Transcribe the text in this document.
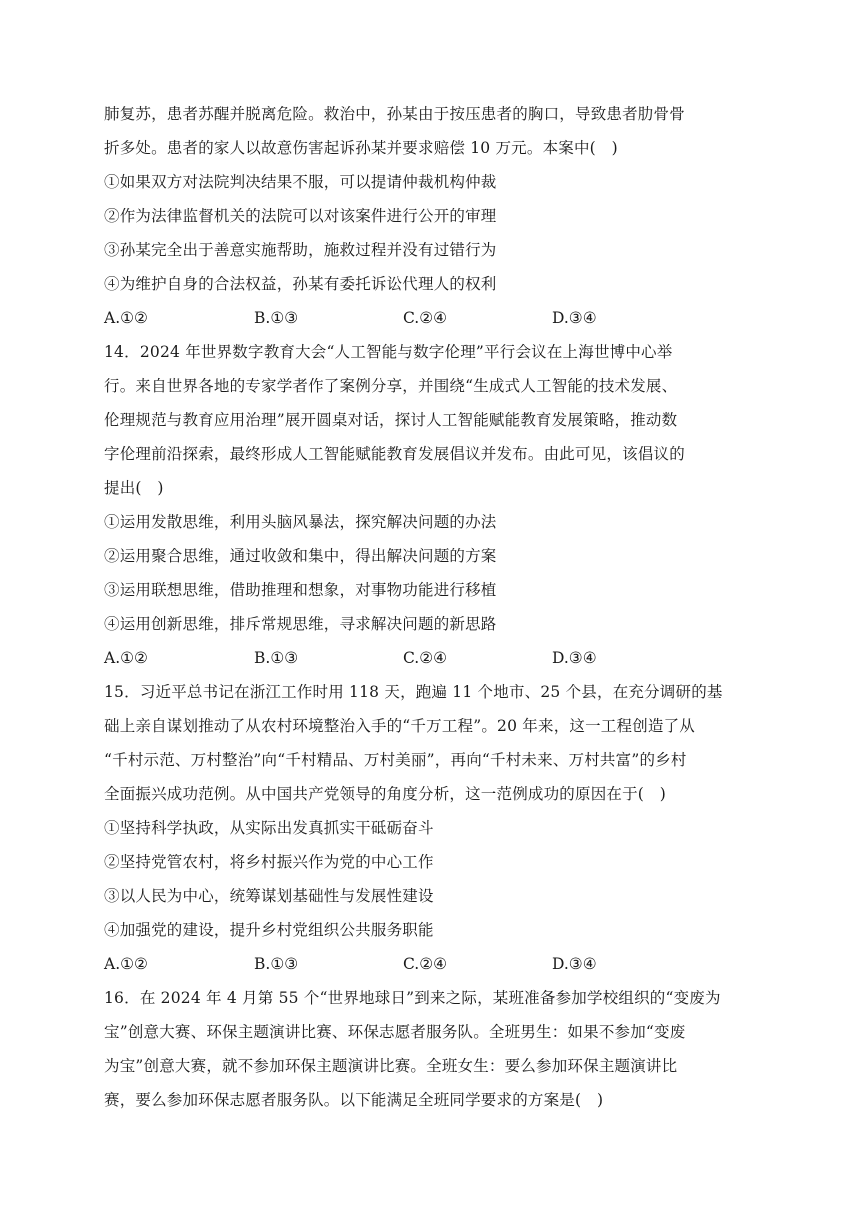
肺复苏，患者苏醒并脱离危险。救治中，孙某由于按压患者的胸口，导致患者肋骨骨
折多处。患者的家人以故意伤害起诉孙某并要求赔偿 10 万元。本案中(　)
①如果双方对法院判决结果不服，可以提请仲裁机构仲裁
②作为法律监督机关的法院可以对该案件进行公开的审理
③孙某完全出于善意实施帮助，施救过程并没有过错行为
④为维护自身的合法权益，孙某有委托诉讼代理人的权利
A.①②	B.①③	C.②④	D.③④
14．2024 年世界数字教育大会“人工智能与数字伦理”平行会议在上海世博中心举
行。来自世界各地的专家学者作了案例分享，并围绕“生成式人工智能的技术发展、
伦理规范与教育应用治理”展开圆桌对话，探讨人工智能赋能教育发展策略，推动数
字伦理前沿探索，最终形成人工智能赋能教育发展倡议并发布。由此可见，该倡议的
提出(　)
①运用发散思维，利用头脑风暴法，探究解决问题的办法
②运用聚合思维，通过收敛和集中，得出解决问题的方案
③运用联想思维，借助推理和想象，对事物功能进行移植
④运用创新思维，排斥常规思维，寻求解决问题的新思路
A.①②	B.①③	C.②④	D.③④
15．习近平总书记在浙江工作时用 118 天，跑遍 11 个地市、25 个县，在充分调研的基
础上亲自谋划推动了从农村环境整治入手的“千万工程”。20 年来，这一工程创造了从
“千村示范、万村整治”向“千村精品、万村美丽”，再向“千村未来、万村共富”的乡村
全面振兴成功范例。从中国共产党领导的角度分析，这一范例成功的原因在于(　)
①坚持科学执政，从实际出发真抓实干砥砺奋斗
②坚持党管农村，将乡村振兴作为党的中心工作
③以人民为中心，统筹谋划基础性与发展性建设
④加强党的建设，提升乡村党组织公共服务职能
A.①②	B.①③	C.②④	D.③④
16．在 2024 年 4 月第 55 个“世界地球日”到来之际，某班准备参加学校组织的“变废为
宝”创意大赛、环保主题演讲比赛、环保志愿者服务队。全班男生：如果不参加“变废
为宝”创意大赛，就不参加环保主题演讲比赛。全班女生：要么参加环保主题演讲比
赛，要么参加环保志愿者服务队。以下能满足全班同学要求的方案是(　)
